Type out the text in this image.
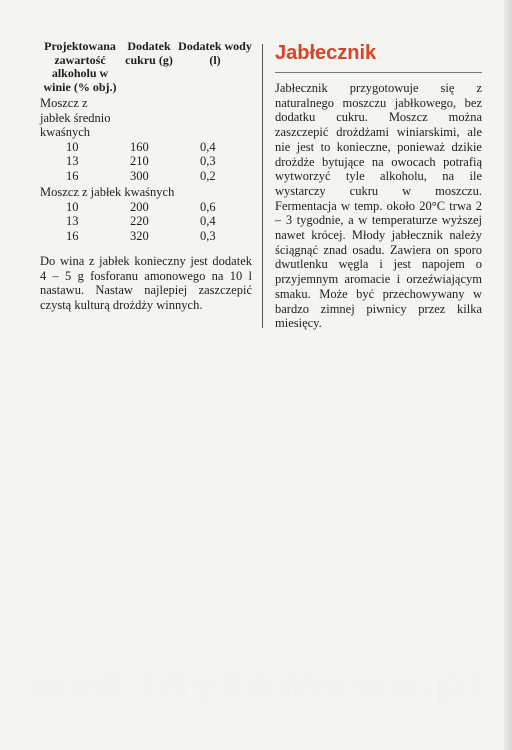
Projektowana zawartość alkoholu w winie (% obj.)	Dodatek cukru (g)	Dodatek wody (l)
Moszcz z jabłek średnio kwaśnych		
10	160	0,4
13	210	0,3
16	300	0,2
Moszcz z jabłek kwaśnych		
10	200	0,6
13	220	0,4
16	320	0,3

Do wina z jabłek konieczny jest dodatek 4 – 5 g fosforanu amonowego na 10 l nastawu. Nastaw najlepiej zaszczepić czystą kulturą drożdży winnych.

Jabłecznik

Jabłecznik przygotowuje się z naturalnego moszczu jabłkowego, bez dodatku cukru. Moszcz można zaszczepić drożdżami winiarskimi, ale nie jest to konieczne, ponieważ dzikie drożdże bytujące na owocach potrafią wytworzyć tyle alkoholu, na ile wystarczy cukru w moszczu. Fermentacja w temp. około 20°C trwa 2 – 3 tygodnie, a w temperaturze wyższej nawet krócej. Młody jabłecznik należy ściągnąć znad osadu. Zawiera on sporo dwutlenku węgla i jest napojem o przyjemnym aromacie i orzeźwiającym smaku. Może być przechowywany w bardzo zimnej piwnicy przez kilka miesięcy.

wedlinydomowe.pl
